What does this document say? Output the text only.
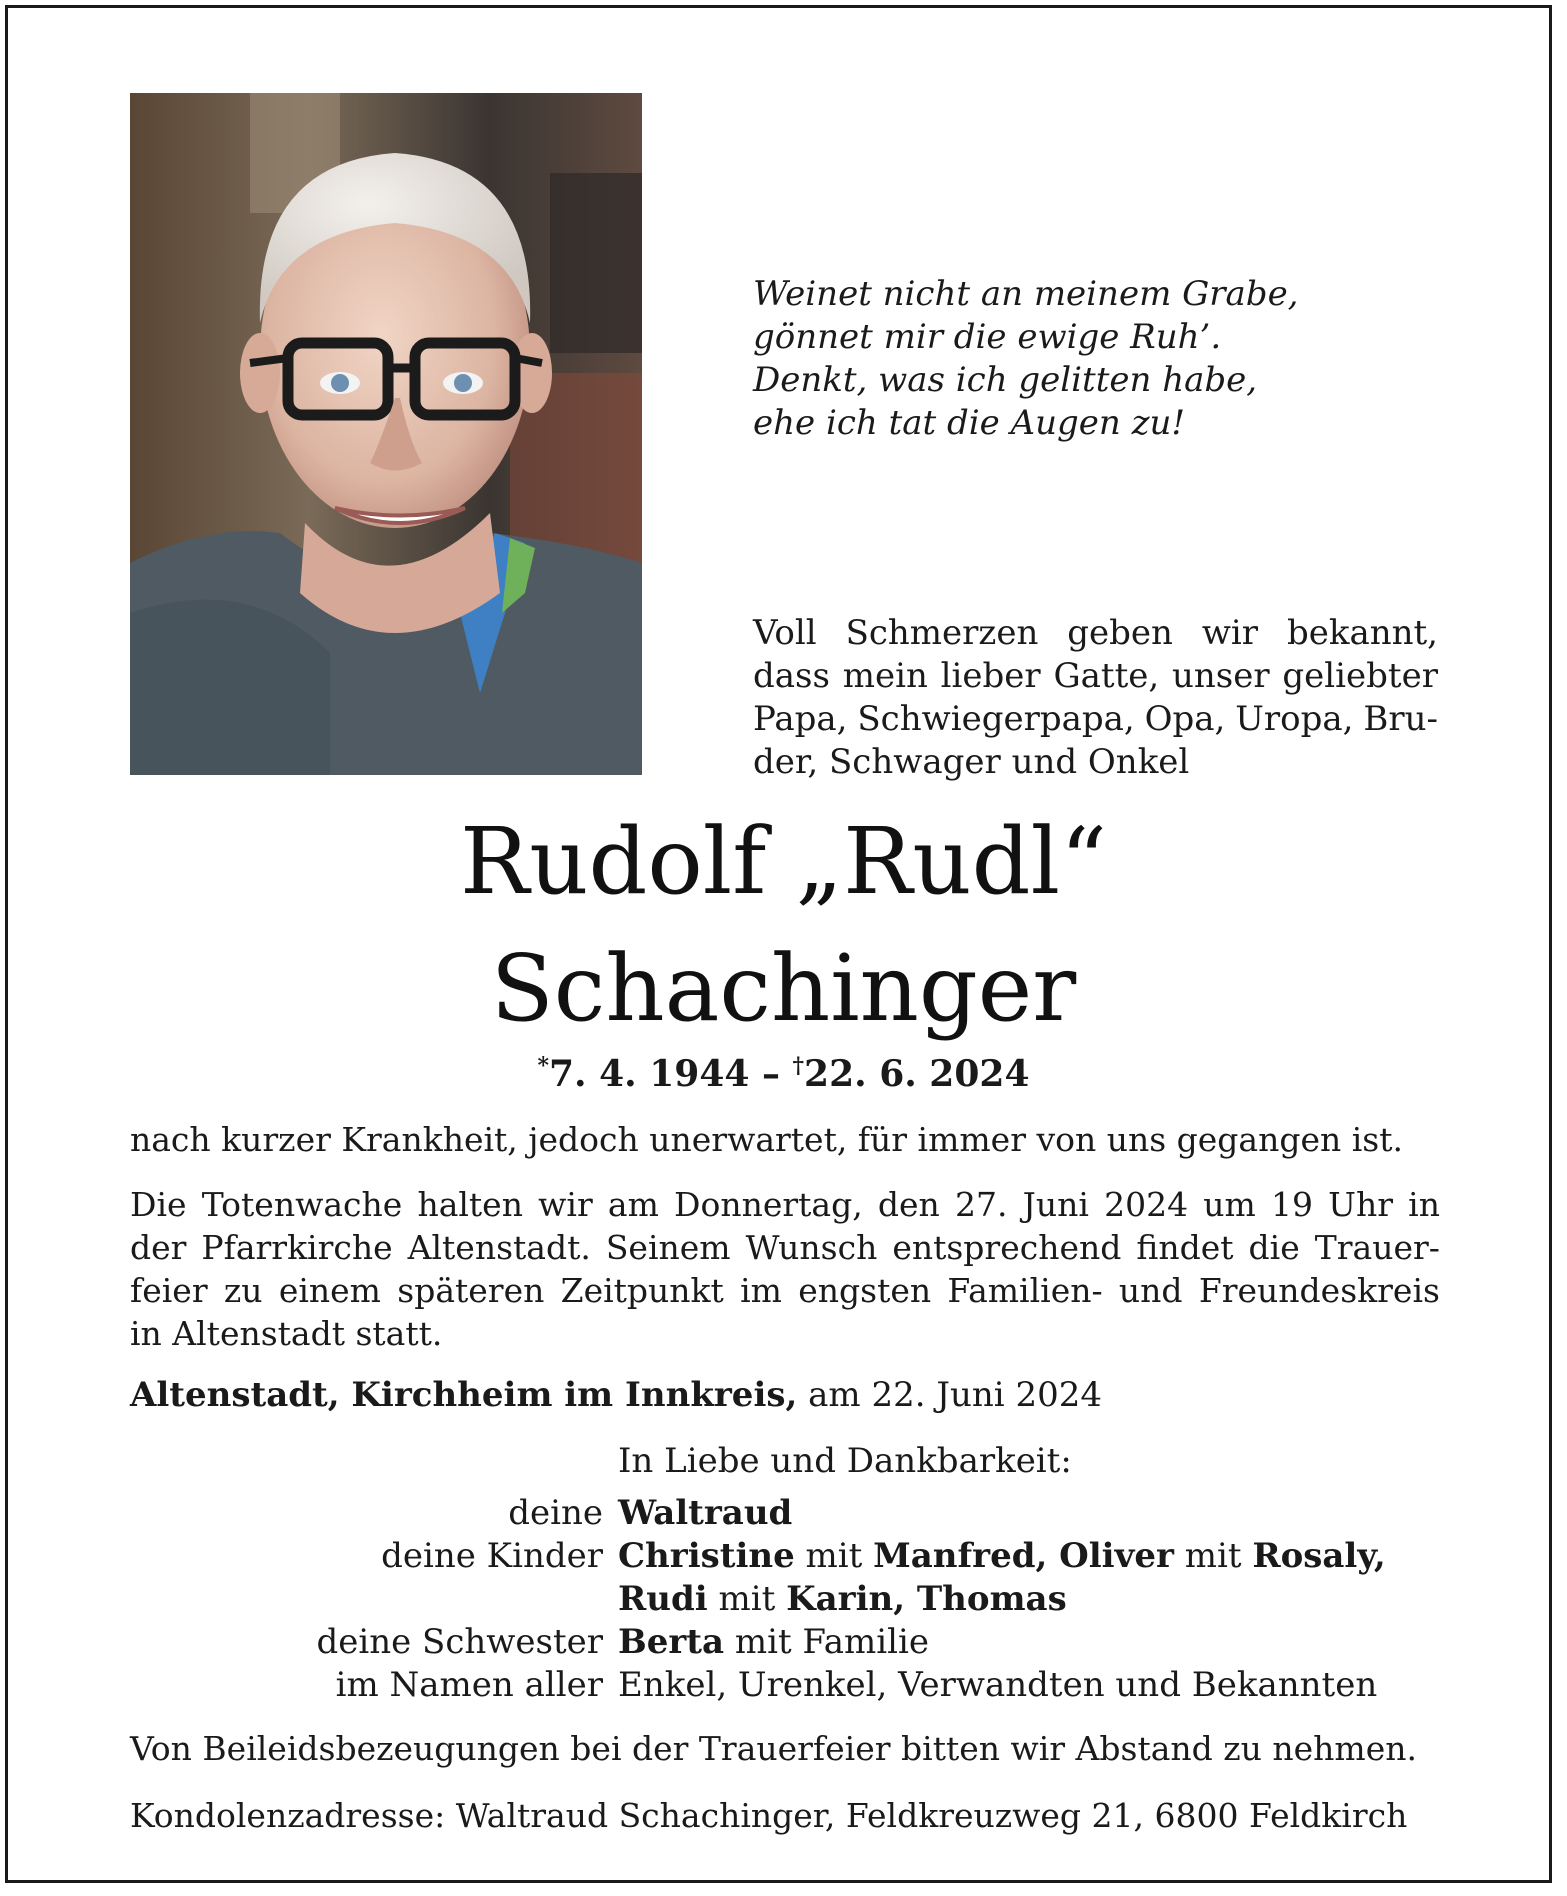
Weinet nicht an meinem Grabe,
gönnet mir die ewige Ruh’.
Denkt, was ich gelitten habe,
ehe ich tat die Augen zu!
Voll Schmerzen geben wir bekannt,
dass mein lieber Gatte, unser geliebter
Papa, Schwiegerpapa, Opa, Uropa, Bru-
der, Schwager und Onkel
Rudolf „Rudl“
Schachinger
*7. 4. 1944 – †22. 6. 2024
nach kurzer Krankheit, jedoch unerwartet, für immer von uns gegangen ist.
Die Totenwache halten wir am Donnertag, den 27. Juni 2024 um 19 Uhr in
der Pfarrkirche Altenstadt. Seinem Wunsch entsprechend findet die Trauer-
feier zu einem späteren Zeitpunkt im engsten Familien- und Freundeskreis
in Altenstadt statt.
Altenstadt, Kirchheim im Innkreis, am 22. Juni 2024
In Liebe und Dankbarkeit:
deine Waltraud
deine Kinder Christine mit Manfred, Oliver mit Rosaly,
Rudi mit Karin, Thomas
deine Schwester Berta mit Familie
im Namen aller Enkel, Urenkel, Verwandten und Bekannten
Von Beileidsbezeugungen bei der Trauerfeier bitten wir Abstand zu nehmen.
Kondolenzadresse: Waltraud Schachinger, Feldkreuzweg 21, 6800 Feldkirch
